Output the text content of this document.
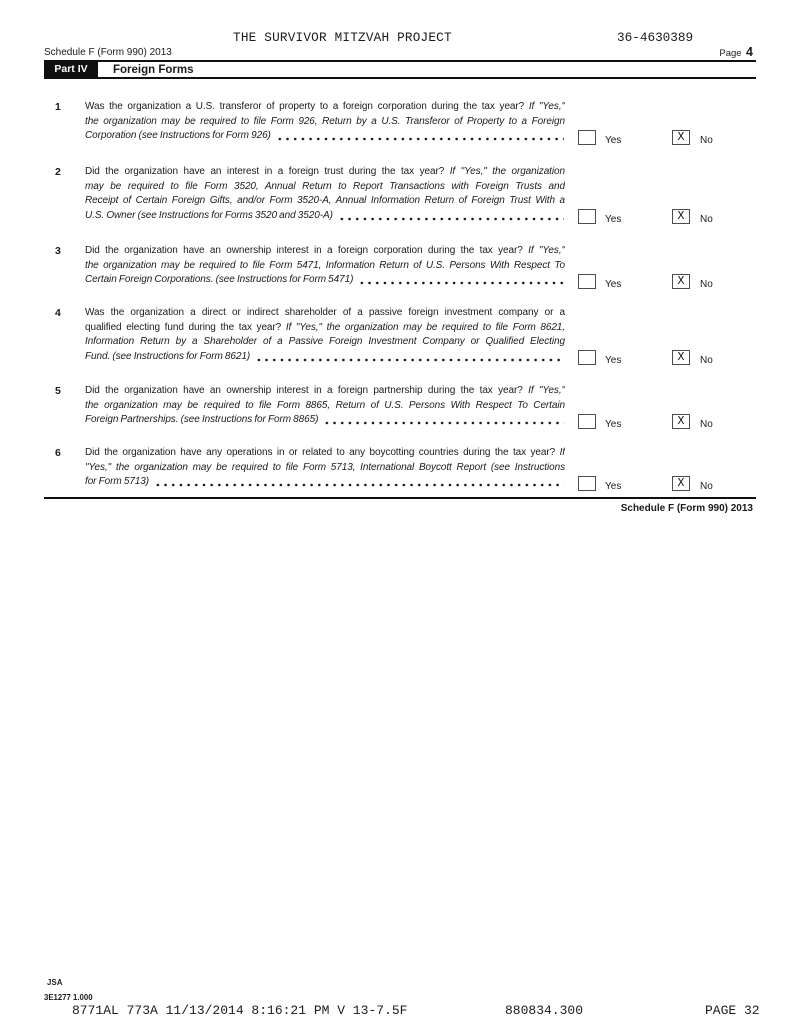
THE SURVIVOR MITZVAH PROJECT	36-4630389
Schedule F (Form 990) 2013	Page 4
Part IV	Foreign Forms
1	Was the organization a U.S. transferor of property to a foreign corporation during the tax year? If "Yes,"
the organization may be required to file Form 926, Return by a U.S. Transferor of Property to a Foreign
Corporation (see Instructions for Form 926)	Yes	X	No
2	Did the organization have an interest in a foreign trust during the tax year? If "Yes," the organization
may be required to file Form 3520, Annual Return to Report Transactions with Foreign Trusts and
Receipt of Certain Foreign Gifts, and/or Form 3520-A, Annual Information Return of Foreign Trust With a
U.S. Owner (see Instructions for Forms 3520 and 3520-A)	Yes	X	No
3	Did the organization have an ownership interest in a foreign corporation during the tax year? If "Yes,"
the organization may be required to file Form 5471, Information Return of U.S. Persons With Respect To
Certain Foreign Corporations. (see Instructions for Form 5471)	Yes	X	No
4	Was the organization a direct or indirect shareholder of a passive foreign investment company or a
qualified electing fund during the tax year? If "Yes," the organization may be required to file Form 8621,
Information Return by a Shareholder of a Passive Foreign Investment Company or Qualified Electing
Fund. (see Instructions for Form 8621)	Yes	X	No
5	Did the organization have an ownership interest in a foreign partnership during the tax year? If "Yes,"
the organization may be required to file Form 8865, Return of U.S. Persons With Respect To Certain
Foreign Partnerships. (see Instructions for Form 8865)	Yes	X	No
6	Did the organization have any operations in or related to any boycotting countries during the tax year? If
"Yes," the organization may be required to file Form 5713, International Boycott Report (see Instructions
for Form 5713)	Yes	X	No
Schedule F (Form 990) 2013
JSA
3E1277 1.000
8771AL 773A 11/13/2014 8:16:21 PM V 13-7.5F	880834.300	PAGE 32
